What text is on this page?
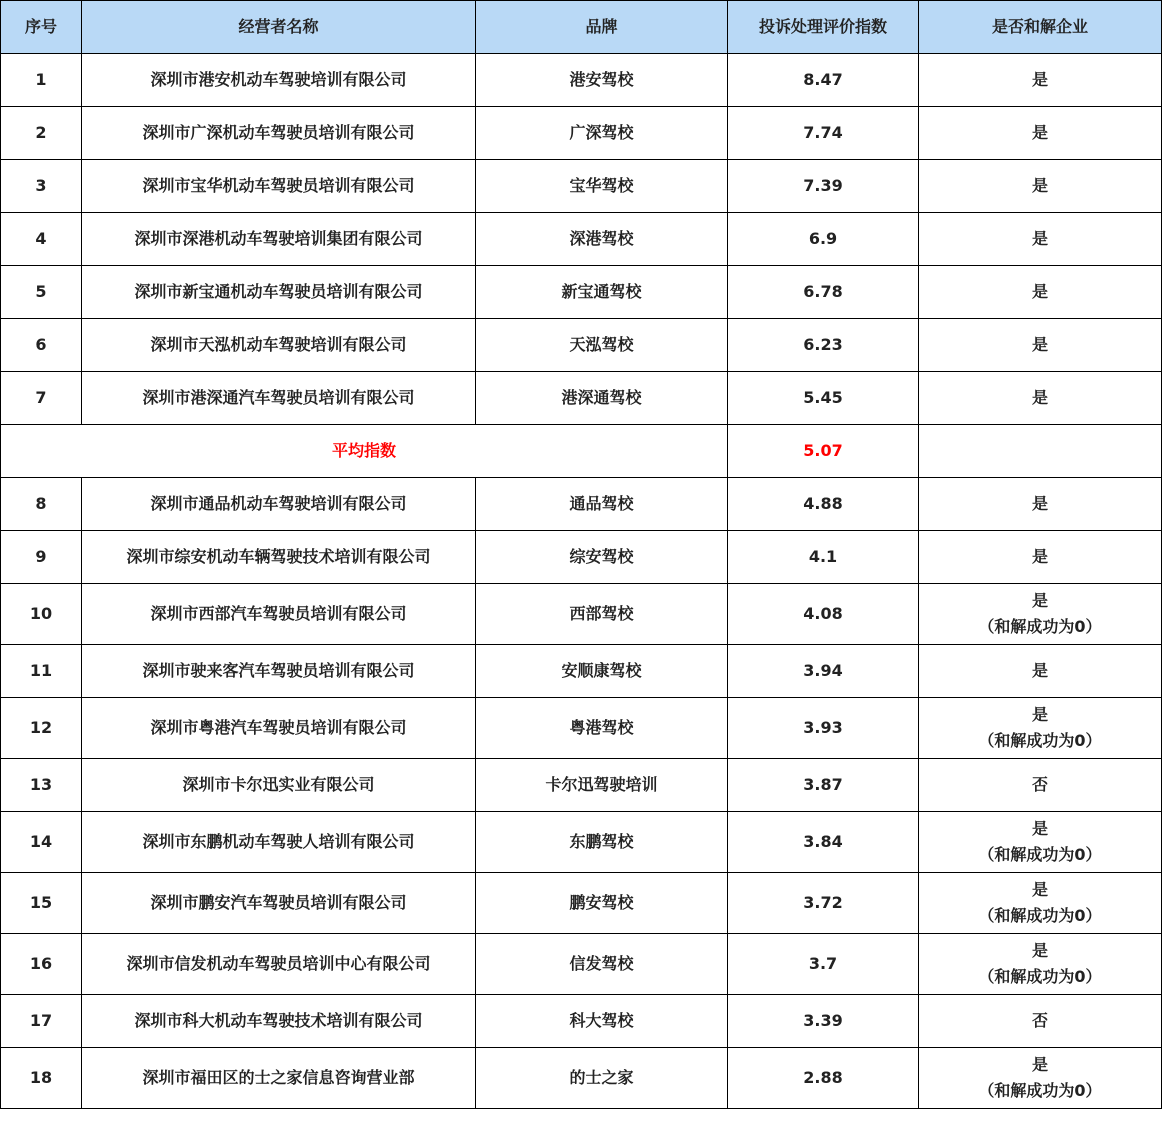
序号	经营者名称	品牌	投诉处理评价指数	是否和解企业
1	深圳市港安机动车驾驶培训有限公司	港安驾校	8.47	是

2	深圳市广深机动车驾驶员培训有限公司	广深驾校	7.74	是

3	深圳市宝华机动车驾驶员培训有限公司	宝华驾校	7.39	是

4	深圳市深港机动车驾驶培训集团有限公司	深港驾校	6.9	是

5	深圳市新宝通机动车驾驶员培训有限公司	新宝通驾校	6.78	是

6	深圳市天泓机动车驾驶培训有限公司	天泓驾校	6.23	是

7	深圳市港深通汽车驾驶员培训有限公司	港深通驾校	5.45	是

平均指数			5.07	
8	深圳市通品机动车驾驶培训有限公司	通品驾校	4.88	是

9	深圳市综安机动车辆驾驶技术培训有限公司	综安驾校	4.1	是

10	深圳市西部汽车驾驶员培训有限公司	西部驾校	4.08	是
（和解成功为0）

11	深圳市驶来客汽车驾驶员培训有限公司	安顺康驾校	3.94	是

12	深圳市粤港汽车驾驶员培训有限公司	粤港驾校	3.93	是
（和解成功为0）

13	深圳市卡尔迅实业有限公司	卡尔迅驾驶培训	3.87	否

14	深圳市东鹏机动车驾驶人培训有限公司	东鹏驾校	3.84	是
（和解成功为0）

15	深圳市鹏安汽车驾驶员培训有限公司	鹏安驾校	3.72	是
（和解成功为0）

16	深圳市信发机动车驾驶员培训中心有限公司	信发驾校	3.7	是
（和解成功为0）

17	深圳市科大机动车驾驶技术培训有限公司	科大驾校	3.39	否

18	深圳市福田区的士之家信息咨询营业部	的士之家	2.88	是
（和解成功为0）
